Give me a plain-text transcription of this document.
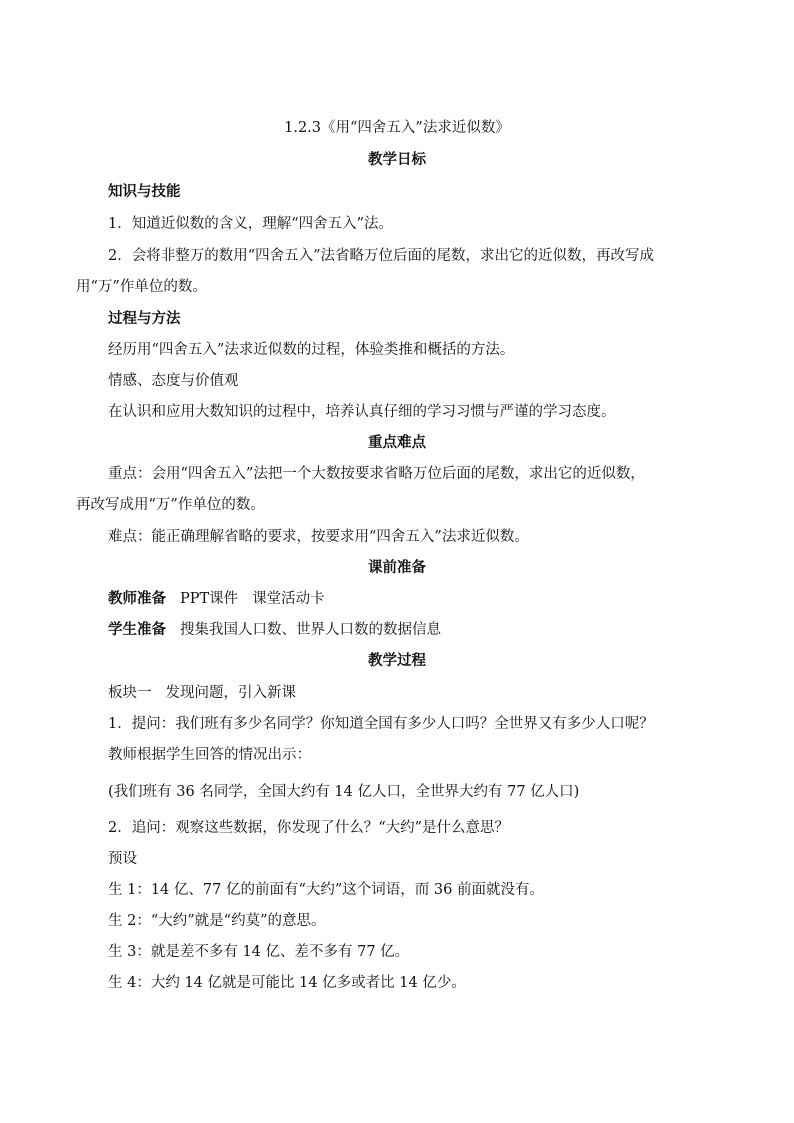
1.2.3《用“四舍五入”法求近似数》
教学日标
知识与技能
1．知道近似数的含义，理解“四舍五入”法。
2．会将非整万的数用“四舍五入”法省略万位后面的尾数，求出它的近似数，再改写成
用“万”作单位的数。
过程与方法
经历用“四舍五入”法求近似数的过程，体验类推和概括的方法。
情感、态度与价值观
在认识和应用大数知识的过程中，培养认真仔细的学习习惯与严谨的学习态度。
重点难点
重点：会用“四舍五入”法把一个大数按要求省略万位后面的尾数，求出它的近似数，
再改写成用“万”作单位的数。
难点：能正确理解省略的要求，按要求用“四舍五入”法求近似数。
课前准备
教师准备 PPT课件 课堂活动卡
学生准备 搜集我国人口数、世界人口数的数据信息
教学过程
板块一 发现问题，引入新课
1．提问：我们班有多少名同学？你知道全国有多少人口吗？全世界又有多少人口呢？
教师根据学生回答的情况出示：
(我们班有 36 名同学，全国大约有 14 亿人口，全世界大约有 77 亿人口)
2．追问：观察这些数据，你发现了什么？“大约”是什么意思？
预设
生 1：14 亿、77 亿的前面有“大约”这个词语，而 36 前面就没有。
生 2：“大约”就是“约莫”的意思。
生 3：就是差不多有 14 亿、差不多有 77 亿。
生 4：大约 14 亿就是可能比 14 亿多或者比 14 亿少。
